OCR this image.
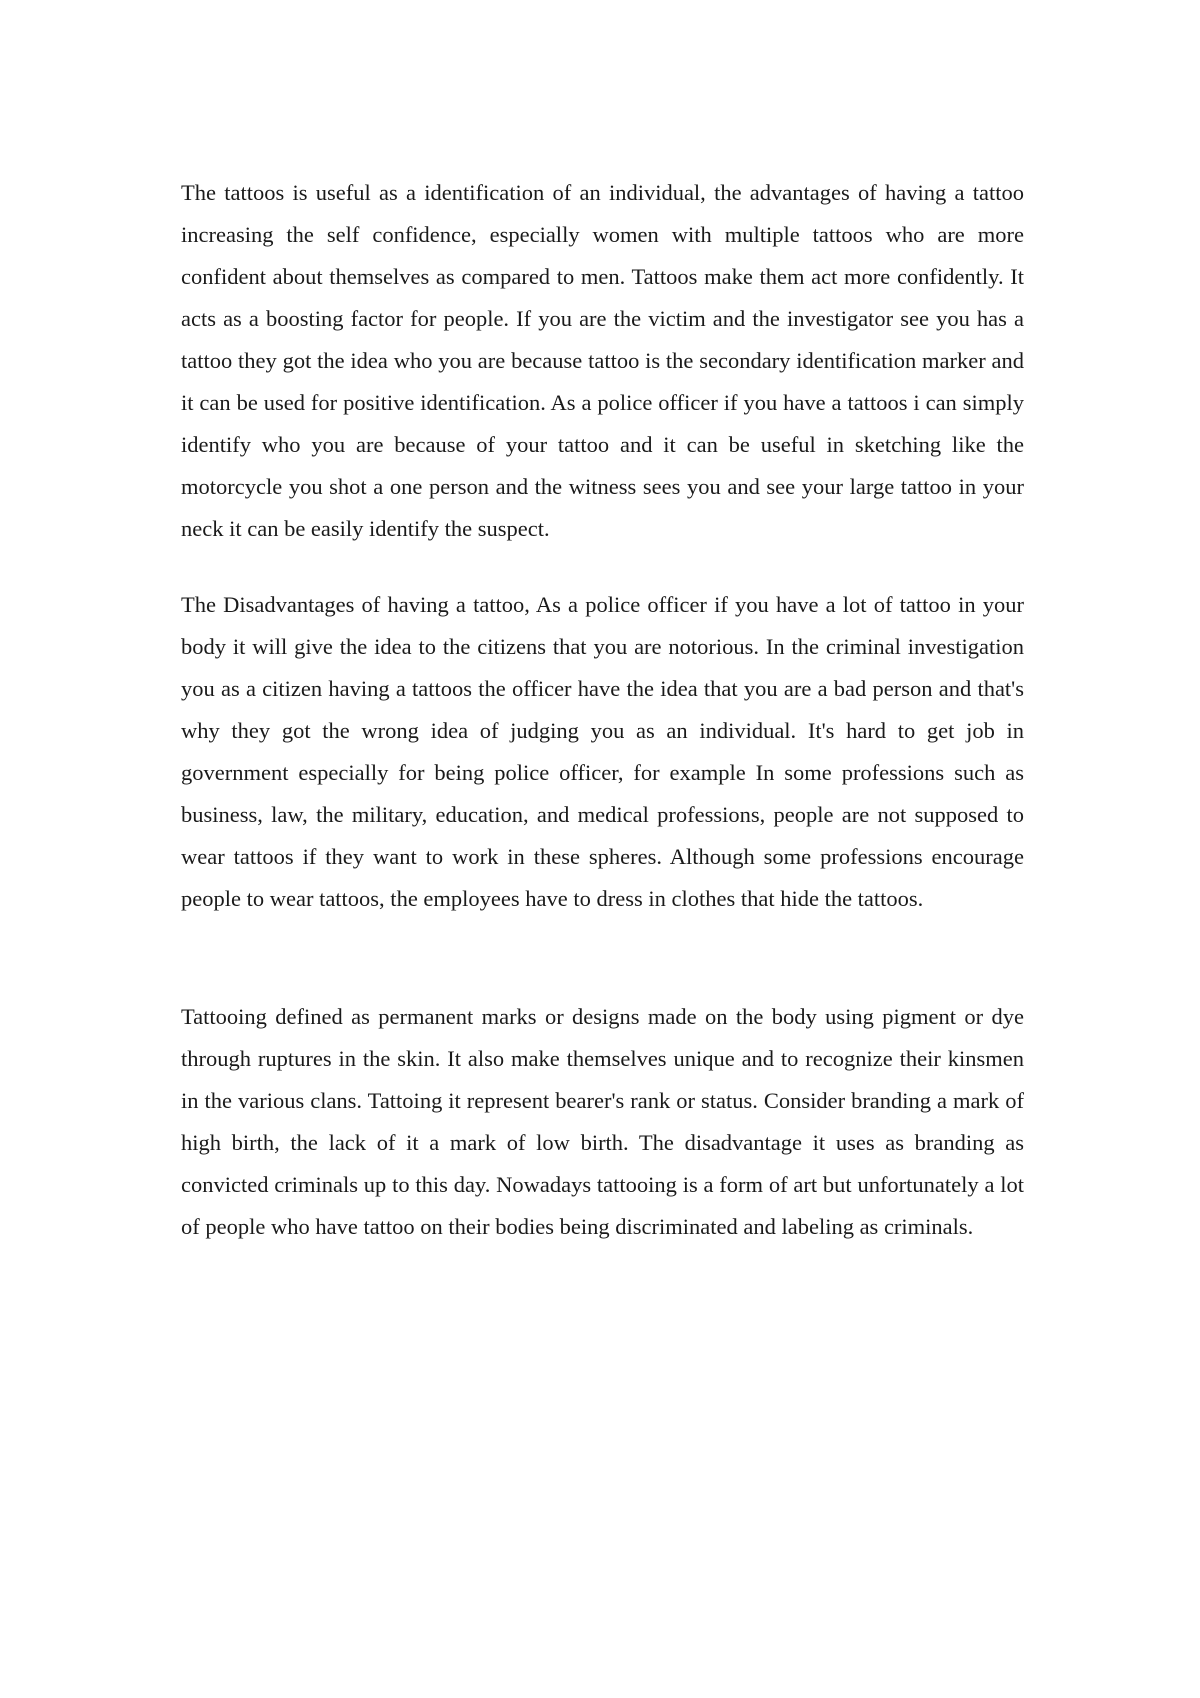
The tattoos is useful as a identification of an individual, the advantages of having a tattoo increasing the self confidence, especially women with multiple tattoos who are more confident about themselves as compared to men. Tattoos make them act more confidently. It acts as a boosting factor for people. If you are the victim and the investigator see you has a tattoo they got the idea who you are because tattoo is the secondary identification marker and it can be used for positive identification. As a police officer if you have a tattoos i can simply identify who you are because of your tattoo and it can be useful in sketching like the motorcycle you shot a one person and the witness sees you and see your large tattoo in your neck it can be easily identify the suspect.

The Disadvantages of having a tattoo, As a police officer if you have a lot of tattoo in your body it will give the idea to the citizens that you are notorious. In the criminal investigation you as a citizen having a tattoos the officer have the idea that you are a bad person and that's why they got the wrong idea of judging you as an individual. It's hard to get job in government especially for being police officer, for example In some professions such as business, law, the military, education, and medical professions, people are not supposed to wear tattoos if they want to work in these spheres. Although some professions encourage people to wear tattoos, the employees have to dress in clothes that hide the tattoos.

Tattooing defined as permanent marks or designs made on the body using pigment or dye through ruptures in the skin. It also make themselves unique and to recognize their kinsmen in the various clans. Tattoing it represent bearer's rank or status. Consider branding a mark of high birth, the lack of it a mark of low birth. The disadvantage it uses as branding as convicted criminals up to this day. Nowadays tattooing is a form of art but unfortunately a lot of people who have tattoo on their bodies being discriminated and labeling as criminals.
